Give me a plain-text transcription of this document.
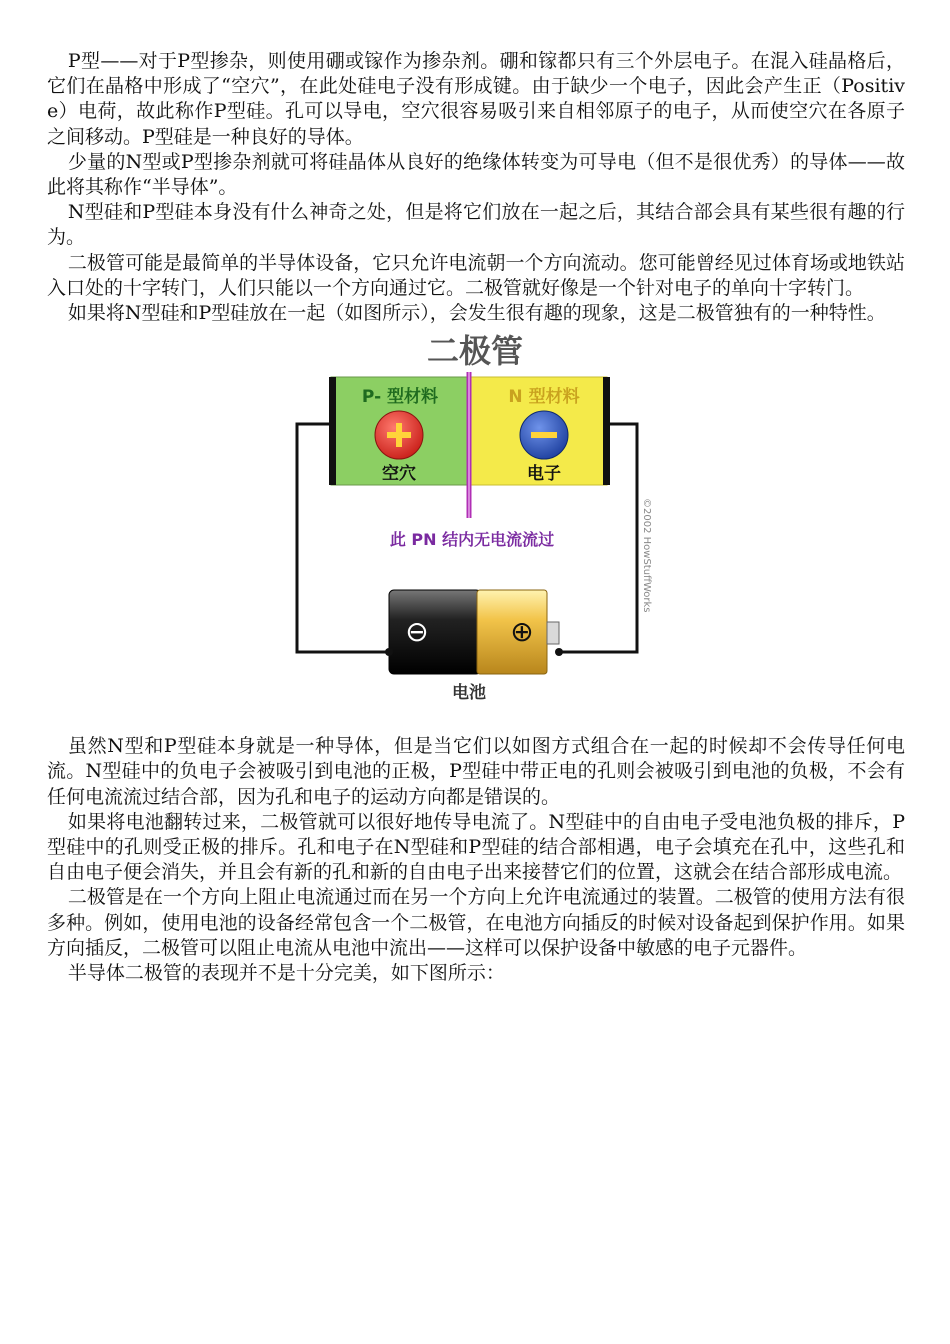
P型——对于P型掺杂，则使用硼或镓作为掺杂剂。硼和镓都只有三个外层电子。在混入硅晶格后，它们在晶格中形成了“空穴”，在此处硅电子没有形成键。由于缺少一个电子，因此会产生正（Positive）电荷，故此称作P型硅。孔可以导电，空穴很容易吸引来自相邻原子的电子，从而使空穴在各原子之间移动。P型硅是一种良好的导体。

少量的N型或P型掺杂剂就可将硅晶体从良好的绝缘体转变为可导电（但不是很优秀）的导体——故此将其称作“半导体”。

N型硅和P型硅本身没有什么神奇之处，但是将它们放在一起之后，其结合部会具有某些很有趣的行为。

二极管可能是最简单的半导体设备，它只允许电流朝一个方向流动。您可能曾经见过体育场或地铁站入口处的十字转门，人们只能以一个方向通过它。二极管就好像是一个针对电子的单向十字转门。

如果将N型硅和P型硅放在一起（如图所示），会发生很有趣的现象，这是二极管独有的一种特性。

二极管
P- 型材料	N 型材料
空穴	电子
此 PN 结内无电流流过	©2002 HowStuffWorks
⊖	⊕
电池

虽然N型和P型硅本身就是一种导体，但是当它们以如图方式组合在一起的时候却不会传导任何电流。N型硅中的负电子会被吸引到电池的正极，P型硅中带正电的孔则会被吸引到电池的负极，不会有任何电流流过结合部，因为孔和电子的运动方向都是错误的。

如果将电池翻转过来，二极管就可以很好地传导电流了。N型硅中的自由电子受电池负极的排斥，P型硅中的孔则受正极的排斥。孔和电子在N型硅和P型硅的结合部相遇，电子会填充在孔中，这些孔和自由电子便会消失，并且会有新的孔和新的自由电子出来接替它们的位置，这就会在结合部形成电流。

二极管是在一个方向上阻止电流通过而在另一个方向上允许电流通过的装置。二极管的使用方法有很多种。例如，使用电池的设备经常包含一个二极管，在电池方向插反的时候对设备起到保护作用。如果方向插反，二极管可以阻止电流从电池中流出——这样可以保护设备中敏感的电子元器件。

半导体二极管的表现并不是十分完美，如下图所示：
